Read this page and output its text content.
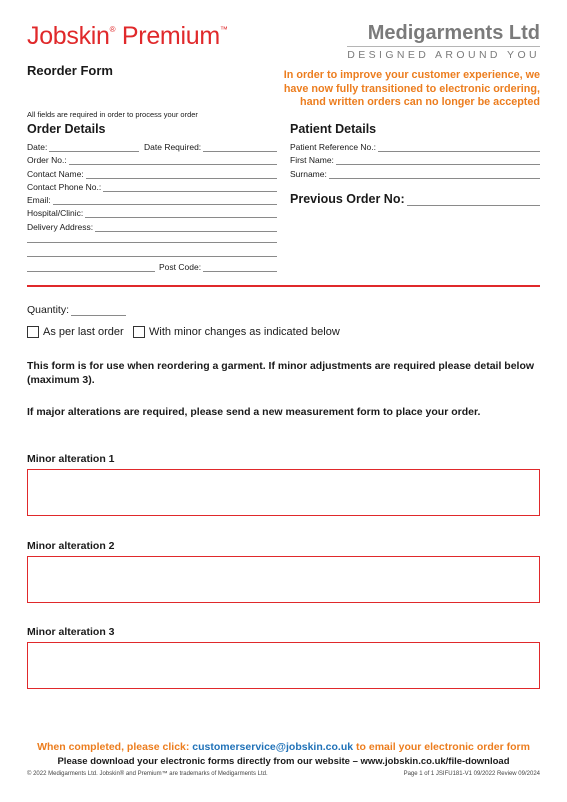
Jobskin® Premium™	Medigarments Ltd
DESIGNED AROUND YOU
Reorder Form	In order to improve your customer experience, we
have now fully transitioned to electronic ordering,
hand written orders can no longer be accepted
All fields are required in order to process your order
Order Details
Date:	Date Required:
Order No.:
Contact Name:
Contact Phone No.:
Email:
Hospital/Clinic:
Delivery Address:
Post Code:
Patient Details
Patient Reference No.:
First Name:
Surname:
Previous Order No:
Quantity:
As per last order With minor changes as indicated below
This form is for use when reordering a garment. If minor adjustments are required please detail below (maximum 3).
If major alterations are required, please send a new measurement form to place your order.
Minor alteration 1
Minor alteration 2
Minor alteration 3
When completed, please click: customerservice@jobskin.co.uk to email your electronic order form
Please download your electronic forms directly from our website – www.jobskin.co.uk/file-download
© 2022 Medigarments Ltd. Jobskin® and Premium™ are trademarks of Medigarments Ltd.	Page 1 of 1 JSIFU181-V1 09/2022 Review 09/2024
